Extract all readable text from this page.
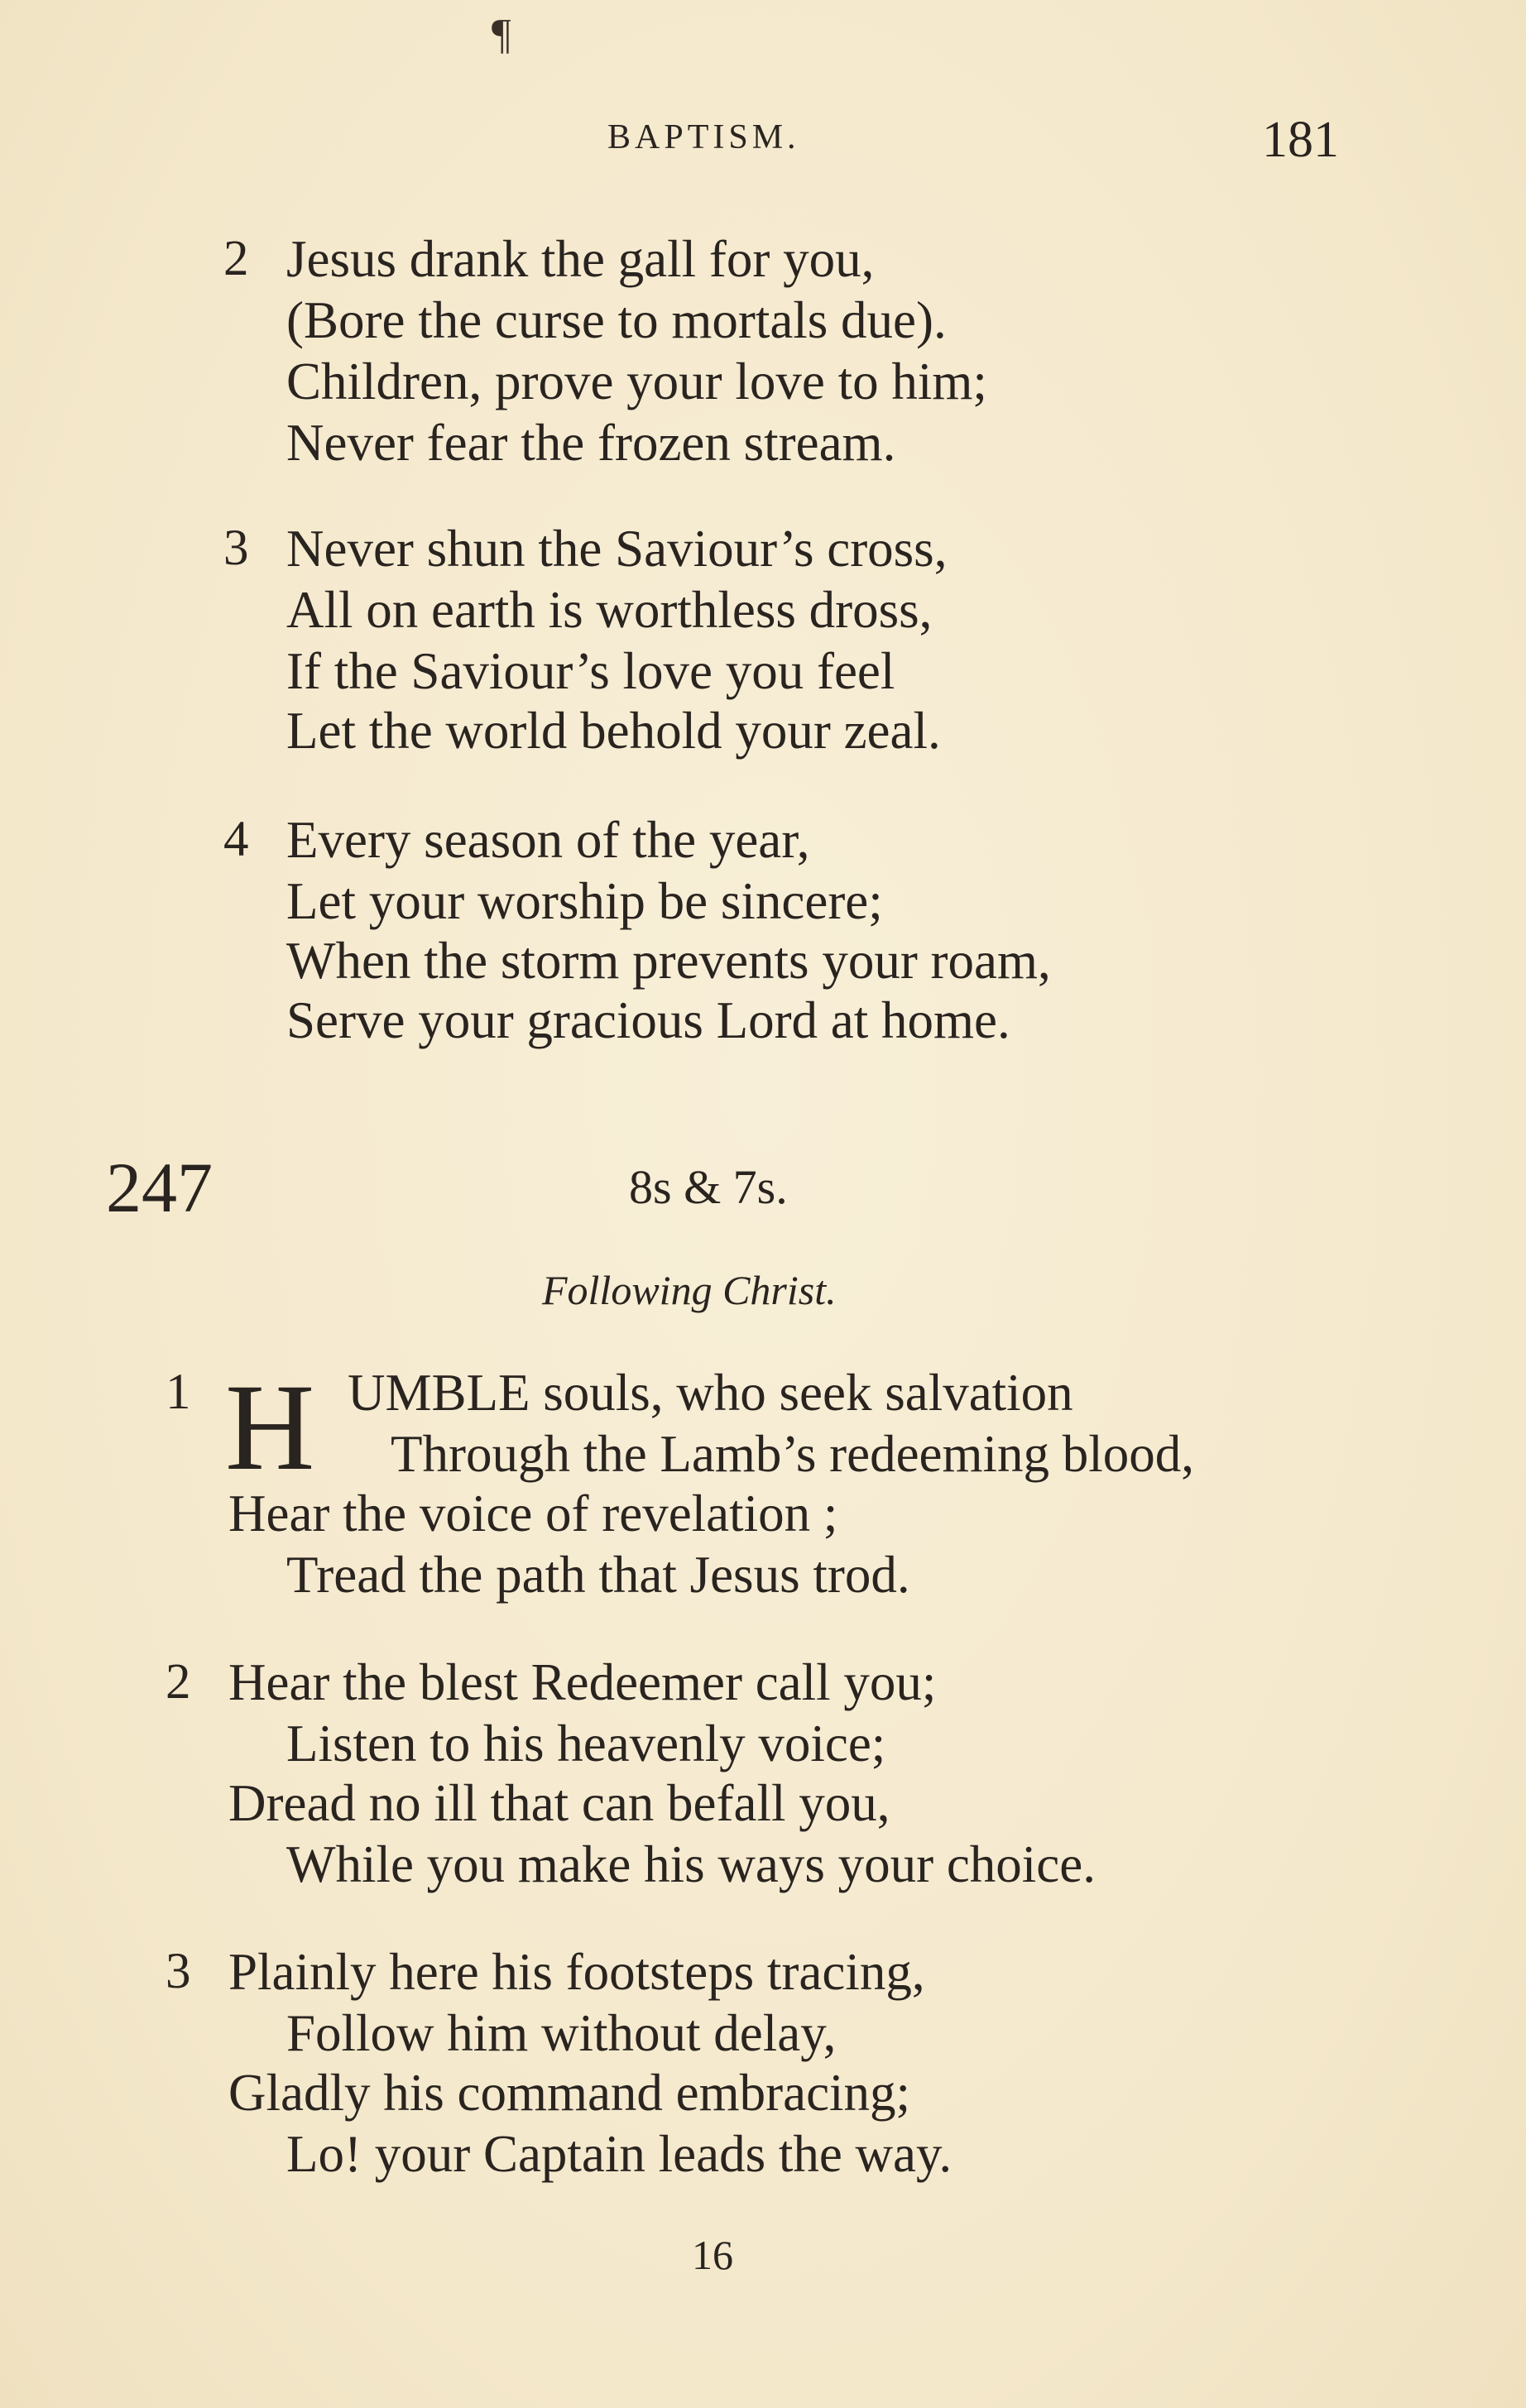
¶
BAPTISM.	181
2 Jesus drank the gall for you,
(Bore the curse to mortals due).
Children, prove your love to him;
Never fear the frozen stream.
3 Never shun the Saviour’s cross,
All on earth is worthless dross,
If the Saviour’s love you feel
Let the world behold your zeal.
4 Every season of the year,
Let your worship be sincere;
When the storm prevents your roam,
Serve your gracious Lord at home.
247	8s & 7s.
Following Christ.
1 H UMBLE souls, who seek salvation
Through the Lamb’s redeeming blood,
Hear the voice of revelation ;
Tread the path that Jesus trod.
2 Hear the blest Redeemer call you;
Listen to his heavenly voice;
Dread no ill that can befall you,
While you make his ways your choice.
3 Plainly here his footsteps tracing,
Follow him without delay,
Gladly his command embracing;
Lo! your Captain leads the way.
16
